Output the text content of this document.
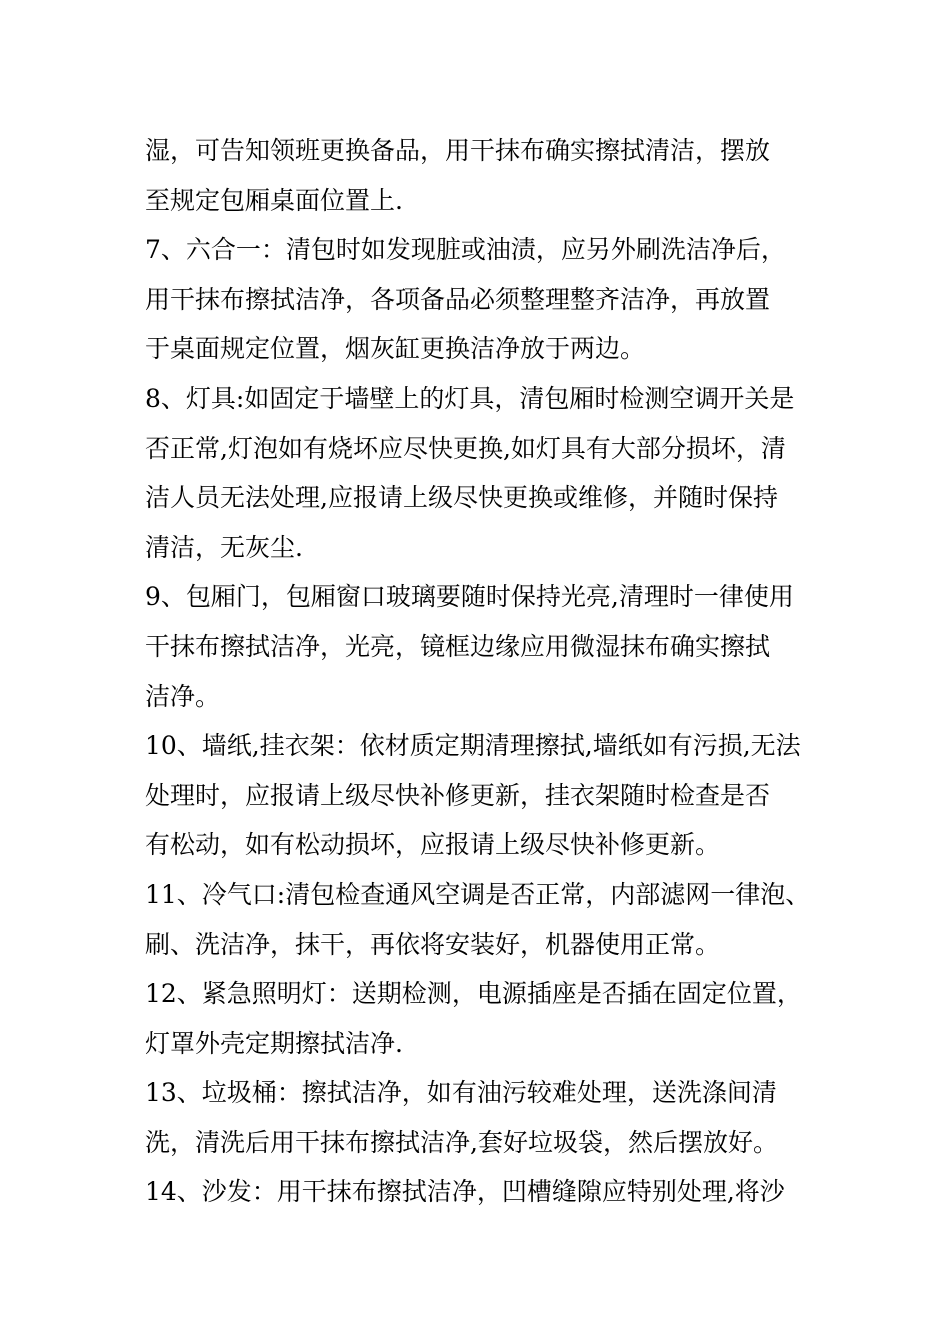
湿，可告知领班更换备品，用干抹布确实擦拭清洁，摆放
至规定包厢桌面位置上.

7、六合一：清包时如发现脏或油渍，应另外刷洗洁净后，
用干抹布擦拭洁净，各项备品必须整理整齐洁净，再放置
于桌面规定位置，烟灰缸更换洁净放于两边。

8、灯具:如固定于墙壁上的灯具，清包厢时检测空调开关是
否正常,灯泡如有烧坏应尽快更换,如灯具有大部分损坏，清
洁人员无法处理,应报请上级尽快更换或维修，并随时保持
清洁，无灰尘.

9、包厢门，包厢窗口玻璃要随时保持光亮,清理时一律使用
干抹布擦拭洁净，光亮，镜框边缘应用微湿抹布确实擦拭
洁净。

10、墙纸,挂衣架：依材质定期清理擦拭,墙纸如有污损,无法
处理时，应报请上级尽快补修更新，挂衣架随时检查是否
有松动，如有松动损坏，应报请上级尽快补修更新。

11、冷气口:清包检查通风空调是否正常，内部滤网一律泡、
刷、洗洁净，抹干，再依将安装好，机器使用正常。

12、紧急照明灯：送期检测，电源插座是否插在固定位置，
灯罩外壳定期擦拭洁净.

13、垃圾桶：擦拭洁净，如有油污较难处理，送洗涤间清
洗，清洗后用干抹布擦拭洁净,套好垃圾袋，然后摆放好。

14、沙发：用干抹布擦拭洁净，凹槽缝隙应特别处理,将沙
